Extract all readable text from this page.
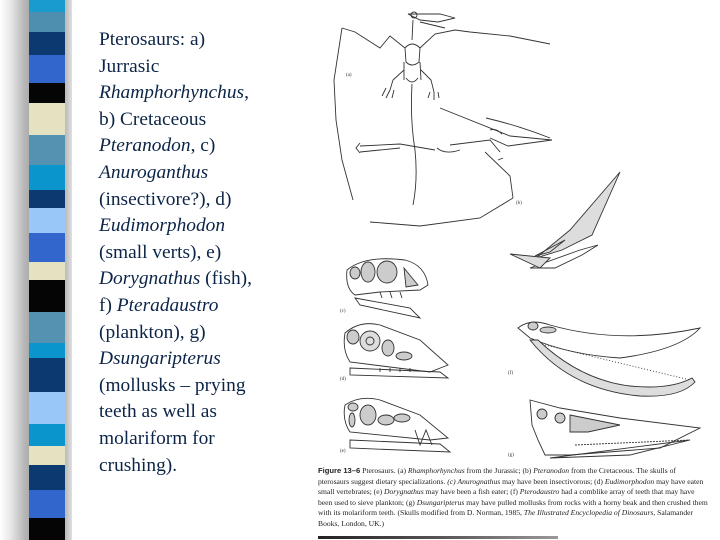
Pterosaurs: a)
Jurrasic
Rhamphorhynchus,
b) Cretaceous
Pteranodon, c)
Anuroganthus
(insectivore?), d)
Eudimorphodon
(small verts), e)
Dorygnathus (fish),
f) Pteradaustro
(plankton), g)
Dsungaripterus
(mollusks – prying
teeth as well as
molariform for
crushing).
(a)
(b)
(c)
(d)
(e)
(f)
(g)
Figure 13–6 Pterosaurs. (a) Rhamphorhynchus from the Jurassic; (b) Pteranodon from the Cretaceous. The skulls of pterosaurs suggest dietary specializations. (c) Anurognathus may have been insectivorous; (d) Eudimorphodon may have eaten small vertebrates; (e) Dorygnathus may have been a fish eater; (f) Pterodaustro had a comblike array of teeth that may have been used to sieve plankton; (g) Dsungaripterus may have pulled mollusks from rocks with a horny beak and then crushed them with its molariform teeth. (Skulls modified from D. Norman, 1985, The Illustrated Encyclopedia of Dinosaurs, Salamander Books, London, UK.)
